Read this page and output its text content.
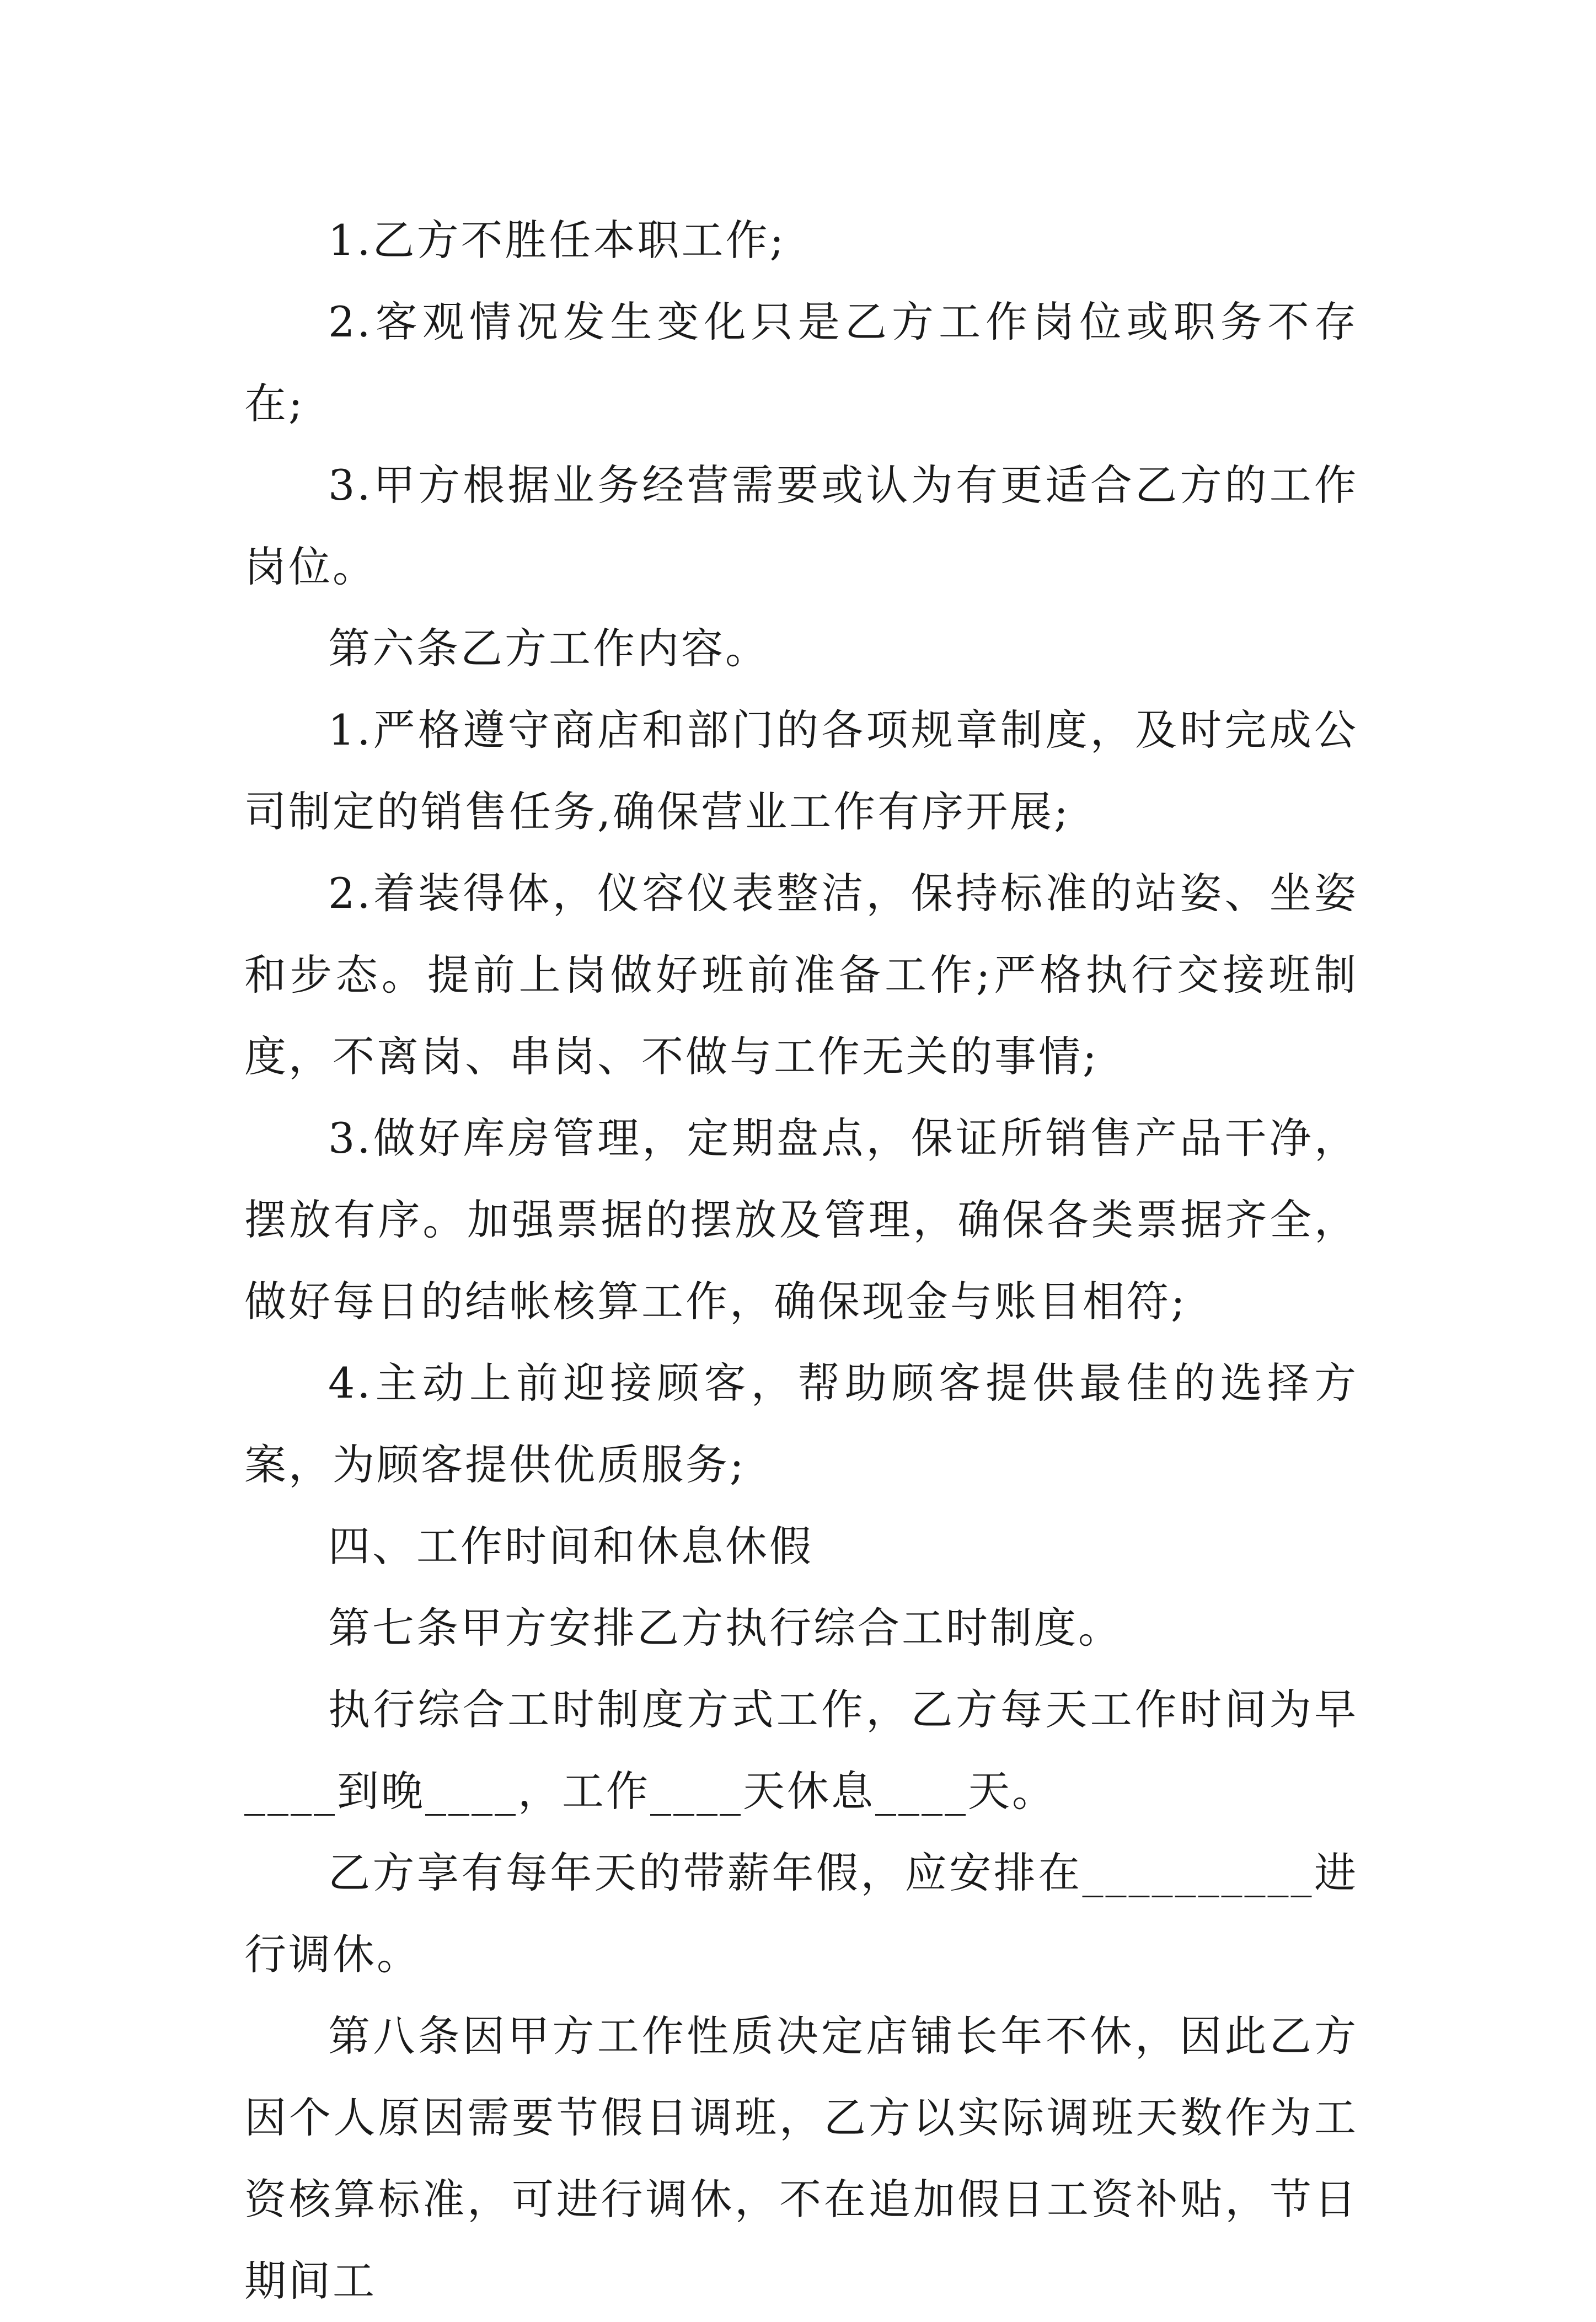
1.乙方不胜任本职工作;

2.客观情况发生变化只是乙方工作岗位或职务不存在;

3.甲方根据业务经营需要或认为有更适合乙方的工作岗位。

第六条乙方工作内容。

1.严格遵守商店和部门的各项规章制度，及时完成公司制定的销售任务,确保营业工作有序开展;

2.着装得体，仪容仪表整洁，保持标准的站姿、坐姿和步态。提前上岗做好班前准备工作;严格执行交接班制度，不离岗、串岗、不做与工作无关的事情;

3.做好库房管理，定期盘点，保证所销售产品干净，摆放有序。加强票据的摆放及管理，确保各类票据齐全，做好每日的结帐核算工作，确保现金与账目相符;

4.主动上前迎接顾客，帮助顾客提供最佳的选择方案，为顾客提供优质服务;

四、工作时间和休息休假

第七条甲方安排乙方执行综合工时制度。

执行综合工时制度方式工作，乙方每天工作时间为早____到晚____，工作____天休息____天。

乙方享有每年天的带薪年假，应安排在__________进行调休。

第八条因甲方工作性质决定店铺长年不休，因此乙方因个人原因需要节假日调班，乙方以实际调班天数作为工资核算标准，可进行调休，不在追加假日工资补贴，节日期间工
